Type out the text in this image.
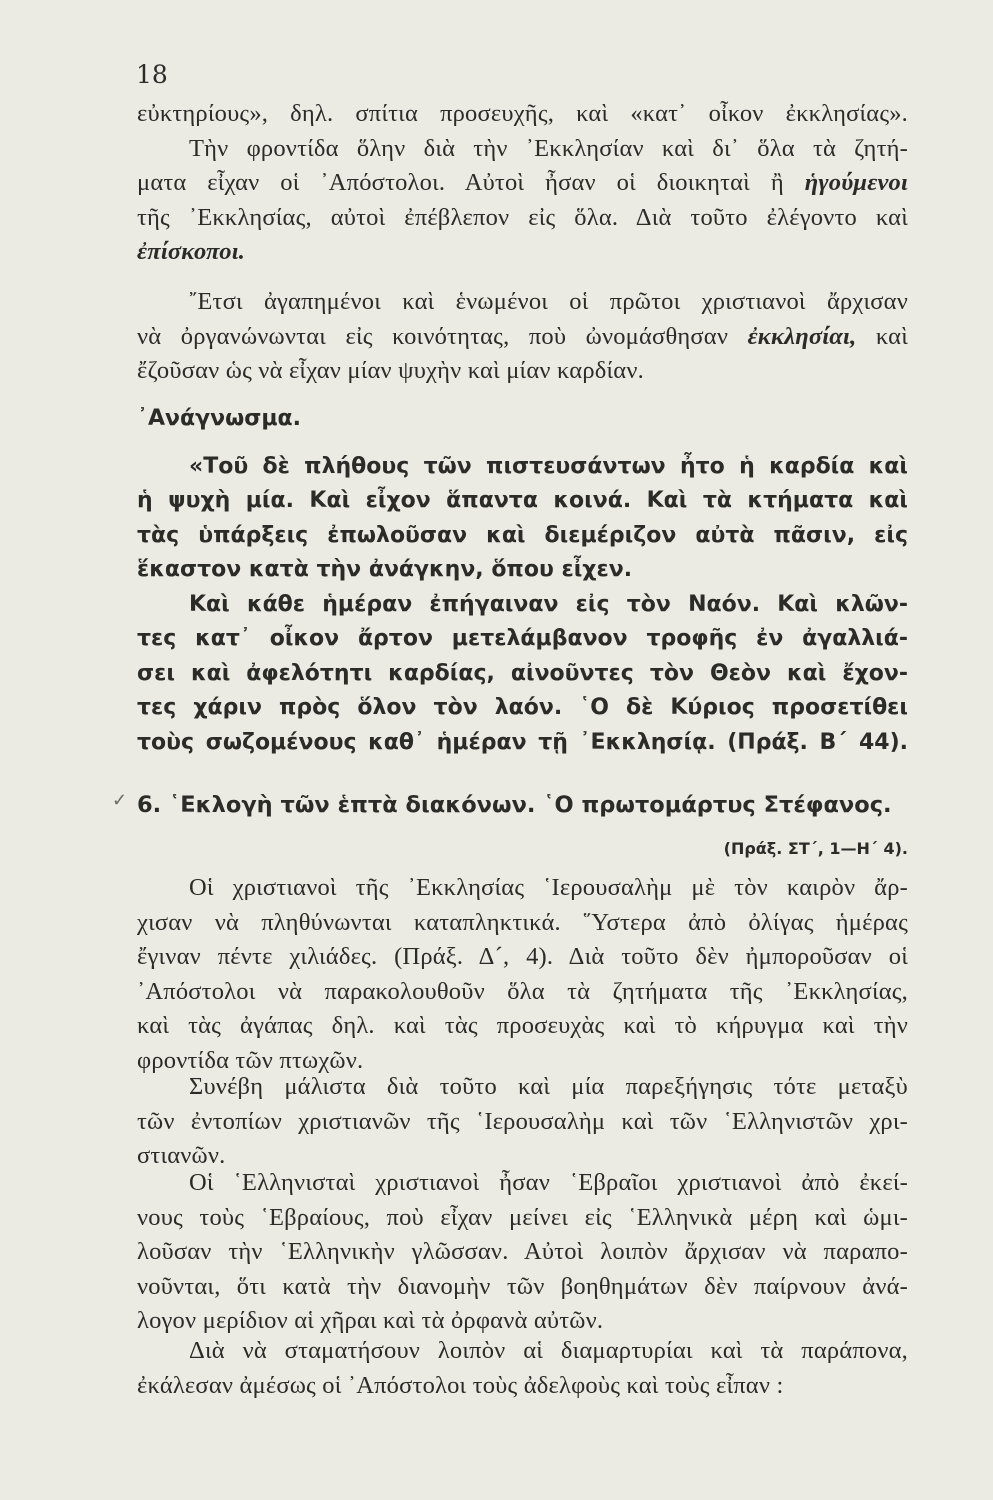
18
εὐκτηρίους», δηλ. σπίτια προσευχῆς, καὶ «κατ᾿ οἶκον ἐκκλησίας».
Τὴν φροντίδα ὅλην διὰ τὴν ᾿Εκκλησίαν καὶ δι᾿ ὅλα τὰ ζητή-
ματα εἶχαν οἱ ᾿Απόστολοι. Αὐτοὶ ἦσαν οἱ διοικηταὶ ἢ ἡγούμενοι
τῆς ᾿Εκκλησίας, αὐτοὶ ἐπέβλεπον εἰς ὅλα. Διὰ τοῦτο ἐλέγοντο καὶ
ἐπίσκοποι.
῎Ετσι ἀγαπημένοι καὶ ἑνωμένοι οἱ πρῶτοι χριστιανοὶ ἄρχισαν
νὰ ὀργανώνωνται εἰς κοινότητας, ποὺ ὠνομάσθησαν ἐκκλησίαι, καὶ
ἔζοῦσαν ὡς νὰ εἶχαν μίαν ψυχὴν καὶ μίαν καρδίαν.
᾿Ανάγνωσμα.
«Τοῦ δὲ πλήθους τῶν πιστευσάντων ἦτο ἡ καρδία καὶ
ἡ ψυχὴ μία. Καὶ εἶχον ἅπαντα κοινά. Καὶ τὰ κτήματα καὶ
τὰς ὑπάρξεις ἐπωλοῦσαν καὶ διεμέριζον αὐτὰ πᾶσιν, εἰς
ἕκαστον κατὰ τὴν ἀνάγκην, ὅπου εἶχεν.
Καὶ κάθε ἡμέραν ἐπήγαιναν εἰς τὸν Ναόν. Καὶ κλῶν-
τες κατ᾿ οἶκον ἄρτον μετελάμβανον τροφῆς ἐν ἀγαλλιά-
σει καὶ ἀφελότητι καρδίας, αἰνοῦντες τὸν Θεὸν καὶ ἔχον-
τες χάριν πρὸς ὅλον τὸν λαόν. ῾Ο δὲ Κύριος προσετίθει
τοὺς σωζομένους καθ᾿ ἡμέραν τῇ ᾿Εκκλησίᾳ. (Πράξ. Β´ 44).
✓ 6. ῾Εκλογὴ τῶν ἑπτὰ διακόνων. ῾Ο πρωτομάρτυς Στέφανος.
(Πράξ. ΣΤ´, 1—Η´ 4).
Οἱ χριστιανοὶ τῆς ᾿Εκκλησίας ῾Ιερουσαλὴμ μὲ τὸν καιρὸν ἄρ-
χισαν νὰ πληθύνωνται καταπληκτικά. ῞Υστερα ἀπὸ ὀλίγας ἡμέρας
ἔγιναν πέντε χιλιάδες. (Πράξ. Δ´, 4). Διὰ τοῦτο δὲν ἠμποροῦσαν οἱ
᾿Απόστολοι νὰ παρακολουθοῦν ὅλα τὰ ζητήματα τῆς ᾿Εκκλησίας,
καὶ τὰς ἀγάπας δηλ. καὶ τὰς προσευχὰς καὶ τὸ κήρυγμα καὶ τὴν
φροντίδα τῶν πτωχῶν.
Συνέβη μάλιστα διὰ τοῦτο καὶ μία παρεξήγησις τότε μεταξὺ
τῶν ἐντοπίων χριστιανῶν τῆς ῾Ιερουσαλὴμ καὶ τῶν ῾Ελληνιστῶν χρι-
στιανῶν.
Οἱ ῾Ελληνισταὶ χριστιανοὶ ἦσαν ῾Εβραῖοι χριστιανοὶ ἀπὸ ἐκεί-
νους τοὺς ῾Εβραίους, ποὺ εἶχαν μείνει εἰς ῾Ελληνικὰ μέρη καὶ ὡμι-
λοῦσαν τὴν ῾Ελληνικὴν γλῶσσαν. Αὐτοὶ λοιπὸν ἄρχισαν νὰ παραπο-
νοῦνται, ὅτι κατὰ τὴν διανομὴν τῶν βοηθημάτων δὲν παίρνουν ἀνά-
λογον μερίδιον αἱ χῆραι καὶ τὰ ὀρφανὰ αὐτῶν.
Διὰ νὰ σταματήσουν λοιπὸν αἱ διαμαρτυρίαι καὶ τὰ παράπονα,
ἐκάλεσαν ἀμέσως οἱ ᾿Απόστολοι τοὺς ἀδελφοὺς καὶ τοὺς εἶπαν :
